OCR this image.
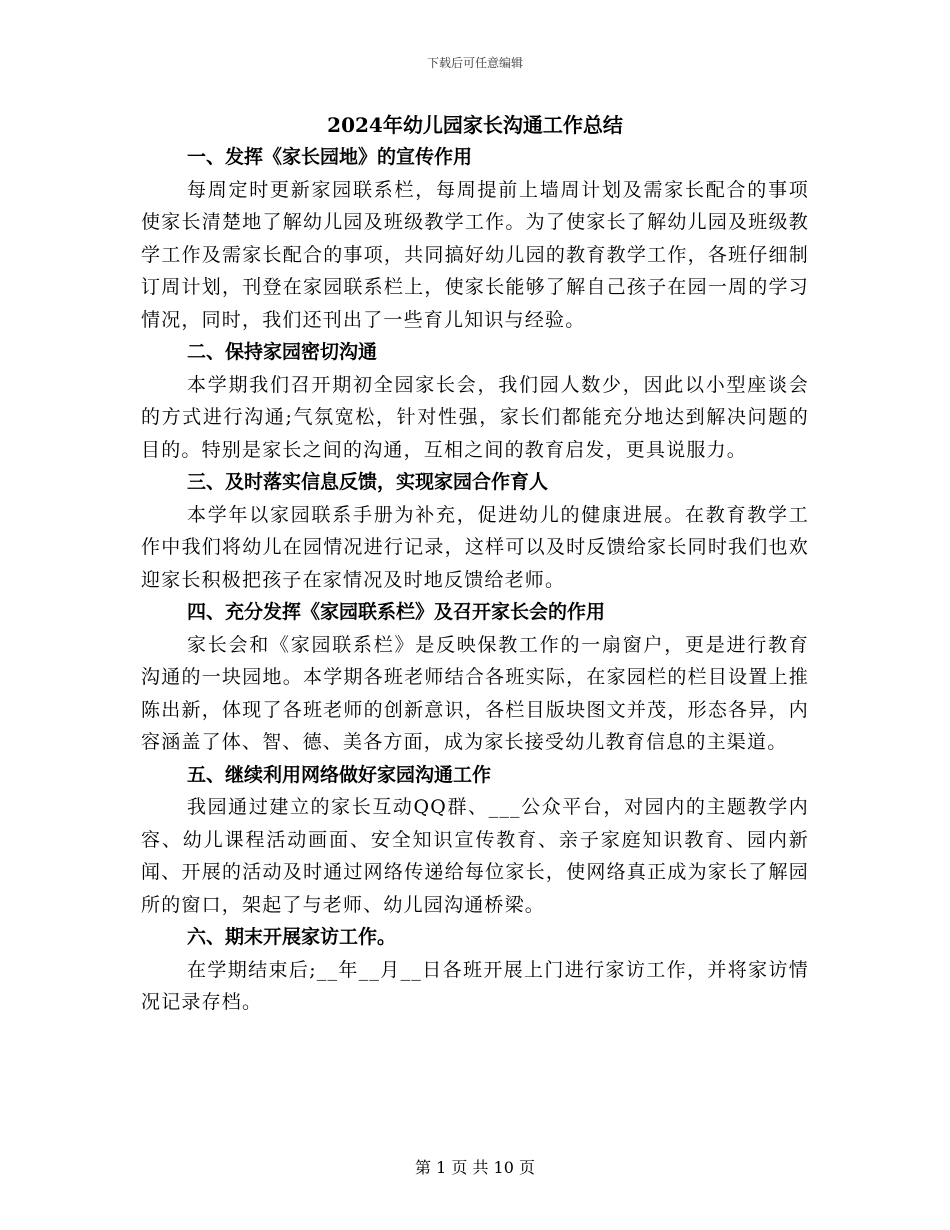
下载后可任意编辑
2024年幼儿园家长沟通工作总结

一、发挥《家长园地》的宣传作用

每周定时更新家园联系栏，每周提前上墙周计划及需家长配合的事项使家长清楚地了解幼儿园及班级教学工作。为了使家长了解幼儿园及班级教学工作及需家长配合的事项，共同搞好幼儿园的教育教学工作，各班仔细制订周计划，刊登在家园联系栏上，使家长能够了解自己孩子在园一周的学习情况，同时，我们还刊出了一些育儿知识与经验。

二、保持家园密切沟通

本学期我们召开期初全园家长会，我们园人数少，因此以小型座谈会的方式进行沟通;气氛宽松，针对性强，家长们都能充分地达到解决问题的目的。特别是家长之间的沟通，互相之间的教育启发，更具说服力。

三、及时落实信息反馈，实现家园合作育人

本学年以家园联系手册为补充，促进幼儿的健康进展。在教育教学工作中我们将幼儿在园情况进行记录，这样可以及时反馈给家长同时我们也欢迎家长积极把孩子在家情况及时地反馈给老师。

四、充分发挥《家园联系栏》及召开家长会的作用

家长会和《家园联系栏》是反映保教工作的一扇窗户，更是进行教育沟通的一块园地。本学期各班老师结合各班实际，在家园栏的栏目设置上推陈出新，体现了各班老师的创新意识，各栏目版块图文并茂，形态各异，内容涵盖了体、智、德、美各方面，成为家长接受幼儿教育信息的主渠道。

五、继续利用网络做好家园沟通工作

我园通过建立的家长互动QQ群、___公众平台，对园内的主题教学内容、幼儿课程活动画面、安全知识宣传教育、亲子家庭知识教育、园内新闻、开展的活动及时通过网络传递给每位家长，使网络真正成为家长了解园所的窗口，架起了与老师、幼儿园沟通桥梁。

六、期末开展家访工作。

在学期结束后;__年__月__日各班开展上门进行家访工作，并将家访情况记录存档。

第 1 页 共 10 页
